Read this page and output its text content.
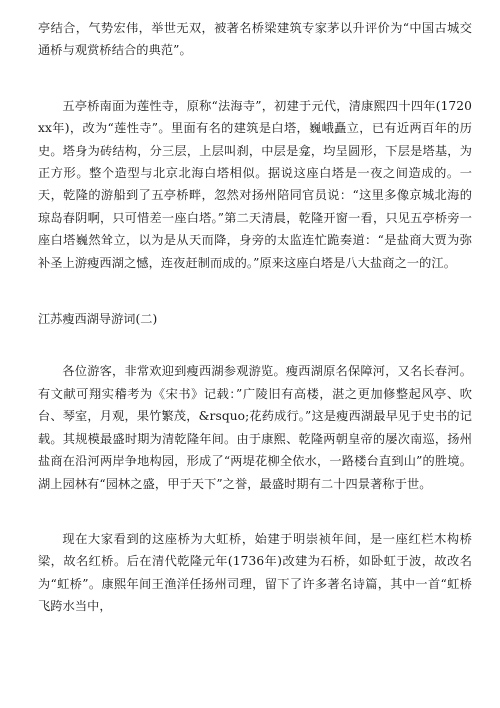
亭结合，气势宏伟，举世无双，被著名桥梁建筑专家茅以升评价为“中国古城交通桥与观赏桥结合的典范”。

五亭桥南面为莲性寺，原称“法海寺”，初建于元代，清康熙四十四年(1720xx年)，改为“莲性寺”。里面有名的建筑是白塔，巍峨矗立，已有近两百年的历史。塔身为砖结构，分三层，上层叫刹，中层是龛，均呈圆形，下层是塔基，为正方形。整个造型与北京北海白塔相似。据说这座白塔是一夜之间造成的。一天，乾隆的游船到了五亭桥畔，忽然对扬州陪同官员说：“这里多像京城北海的琼岛春阴啊，只可惜差一座白塔。”第二天清晨，乾隆开窗一看，只见五亭桥旁一座白塔巍然耸立，以为是从天而降，身旁的太监连忙跪奏道：“是盐商大贾为弥补圣上游瘦西湖之憾，连夜赶制而成的。”原来这座白塔是八大盐商之一的江。

江苏瘦西湖导游词(二)

各位游客，非常欢迎到瘦西湖参观游览。瘦西湖原名保障河，又名长春河。有文献可翔实稽考为《宋书》记载：”广陵旧有高楼，湛之更加修整起风亭、吹台、琴室，月观，果竹繁茂，&rsquo;花药成行。”这是瘦西湖最早见于史书的记载。其规模最盛时期为清乾隆年间。由于康熙、乾隆两朝皇帝的屡次南巡，扬州盐商在沿河两岸争地构园，形成了“两堤花柳全依水，一路楼台直到山”的胜境。湖上园林有“园林之盛，甲于天下”之誉，最盛时期有二十四景著称于世。

现在大家看到的这座桥为大虹桥，始建于明崇祯年间，是一座红栏木构桥梁，故名红桥。后在清代乾隆元年(1736年)改建为石桥，如卧虹于波，故改名为“虹桥”。康熙年间王渔洋任扬州司理，留下了许多著名诗篇，其中一首“虹桥飞跨水当中，
